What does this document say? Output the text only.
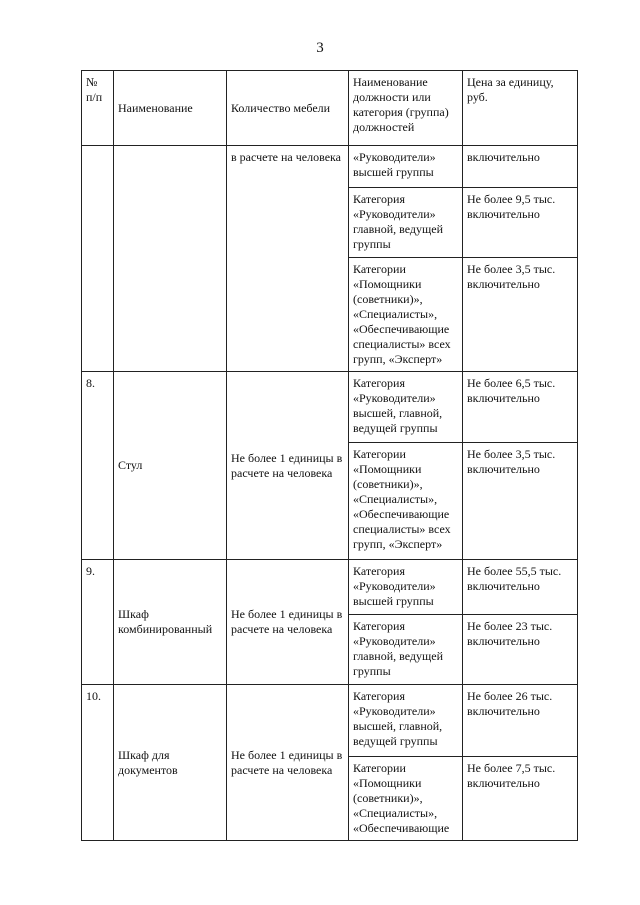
3
№ п/п	Наименование	Количество мебели	Наименование должности или категория (группа) должностей	Цена за единицу, руб.
		в расчете на человека	«Руководители» высшей группы	включительно
			Категория «Руководители» главной, ведущей группы	Не более 9,5 тыс. включительно
			Категории «Помощники (советники)», «Специалисты», «Обеспечивающие специалисты» всех групп, «Эксперт»	Не более 3,5 тыс. включительно
8.	Стул	Не более 1 единицы в расчете на человека	Категория «Руководители» высшей, главной, ведущей группы	Не более 6,5 тыс. включительно
			Категории «Помощники (советники)», «Специалисты», «Обеспечивающие специалисты» всех групп, «Эксперт»	Не более 3,5 тыс. включительно
9.	Шкаф комбинированный	Не более 1 единицы в расчете на человека	Категория «Руководители» высшей группы	Не более 55,5 тыс. включительно
			Категория «Руководители» главной, ведущей группы	Не более 23 тыс. включительно
10.	Шкаф для документов	Не более 1 единицы в расчете на человека	Категория «Руководители» высшей, главной, ведущей группы	Не более 26 тыс. включительно
			Категории «Помощники (советники)», «Специалисты», «Обеспечивающие	Не более 7,5 тыс. включительно
